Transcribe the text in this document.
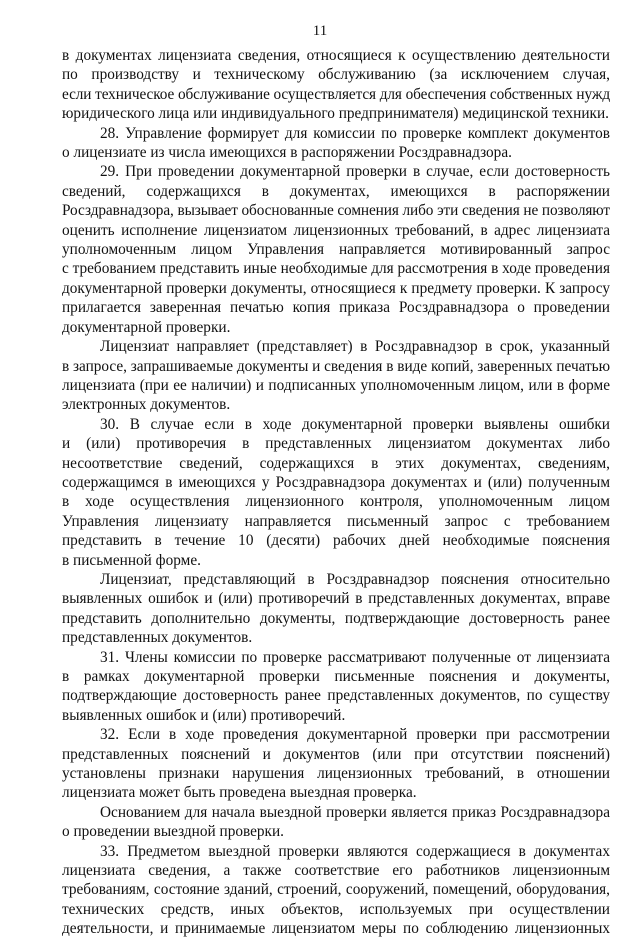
11
в документах лицензиата сведения, относящиеся к осуществлению деятельности
по производству и техническому обслуживанию (за исключением случая,
если техническое обслуживание осуществляется для обеспечения собственных нужд
юридического лица или индивидуального предпринимателя) медицинской техники.
28. Управление формирует для комиссии по проверке комплект документов
о лицензиате из числа имеющихся в распоряжении Росздравнадзора.
29. При проведении документарной проверки в случае, если достоверность
сведений, содержащихся в документах, имеющихся в распоряжении
Росздравнадзора, вызывает обоснованные сомнения либо эти сведения не позволяют
оценить исполнение лицензиатом лицензионных требований, в адрес лицензиата
уполномоченным лицом Управления направляется мотивированный запрос
с требованием представить иные необходимые для рассмотрения в ходе проведения
документарной проверки документы, относящиеся к предмету проверки. К запросу
прилагается заверенная печатью копия приказа Росздравнадзора о проведении
документарной проверки.
Лицензиат направляет (представляет) в Росздравнадзор в срок, указанный
в запросе, запрашиваемые документы и сведения в виде копий, заверенных печатью
лицензиата (при ее наличии) и подписанных уполномоченным лицом, или в форме
электронных документов.
30. В случае если в ходе документарной проверки выявлены ошибки
и (или) противоречия в представленных лицензиатом документах либо
несоответствие сведений, содержащихся в этих документах, сведениям,
содержащимся в имеющихся у Росздравнадзора документах и (или) полученным
в ходе осуществления лицензионного контроля, уполномоченным лицом
Управления лицензиату направляется письменный запрос с требованием
представить в течение 10 (десяти) рабочих дней необходимые пояснения
в письменной форме.
Лицензиат, представляющий в Росздравнадзор пояснения относительно
выявленных ошибок и (или) противоречий в представленных документах, вправе
представить дополнительно документы, подтверждающие достоверность ранее
представленных документов.
31. Члены комиссии по проверке рассматривают полученные от лицензиата
в рамках документарной проверки письменные пояснения и документы,
подтверждающие достоверность ранее представленных документов, по существу
выявленных ошибок и (или) противоречий.
32. Если в ходе проведения документарной проверки при рассмотрении
представленных пояснений и документов (или при отсутствии пояснений)
установлены признаки нарушения лицензионных требований, в отношении
лицензиата может быть проведена выездная проверка.
Основанием для начала выездной проверки является приказ Росздравнадзора
о проведении выездной проверки.
33. Предметом выездной проверки являются содержащиеся в документах
лицензиата сведения, а также соответствие его работников лицензионным
требованиям, состояние зданий, строений, сооружений, помещений, оборудования,
технических средств, иных объектов, используемых при осуществлении
деятельности, и принимаемые лицензиатом меры по соблюдению лицензионных
